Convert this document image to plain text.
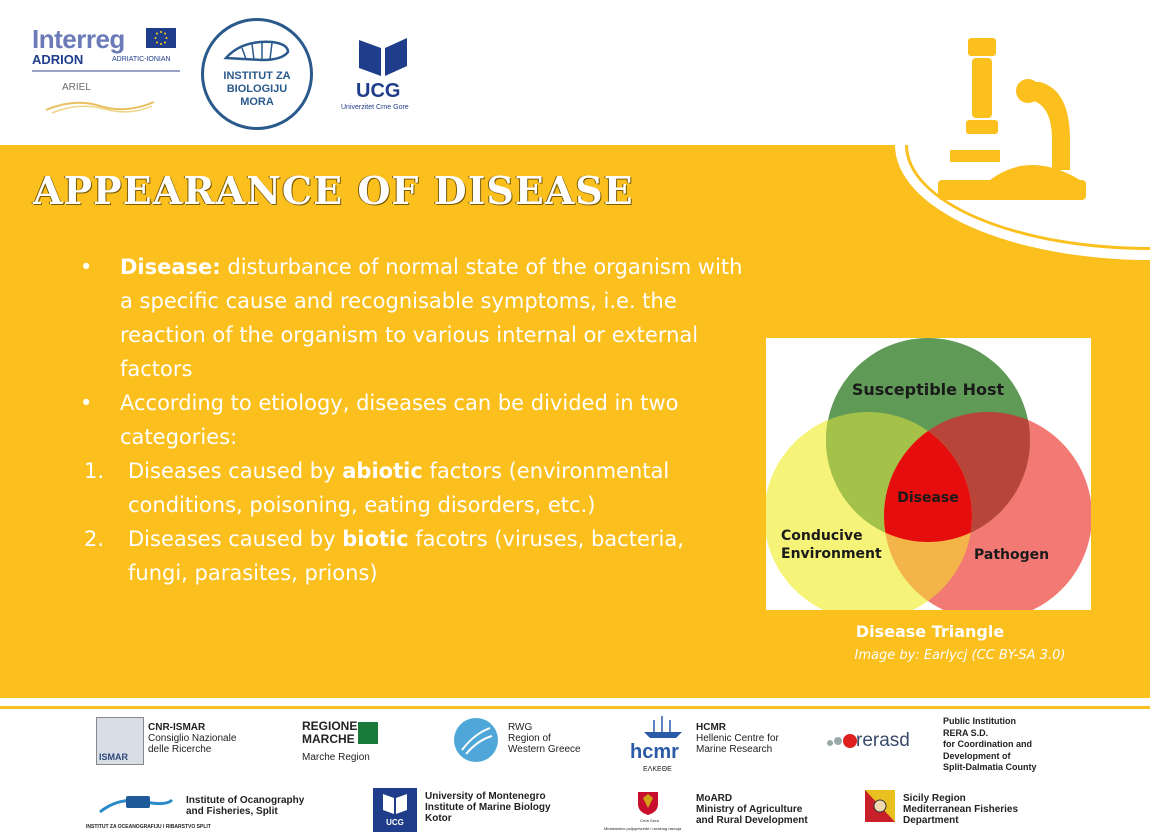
Interreg
ADRION	ADRIATIC-IONIAN
ARIEL
INSTITUT ZA
BIOLOGIJU
MORA	UCG
Univerzitet Crne Gore
APPEARANCE OF DISEASE
•	Disease: disturbance of normal state of the organism with a specific cause and recognisable symptoms, i.e. the reaction of the organism to various internal or external factors
•	According to etiology, diseases can be divided in two categories:
1.	Diseases caused by abiotic factors (environmental conditions, poisoning, eating disorders, etc.)
2.	Diseases caused by biotic facotrs (viruses, bacteria, fungi, parasites, prions)
Susceptible Host
Disease
Conducive
Environment	Pathogen
Disease Triangle
Image by: Earlycj (CC BY-SA 3.0)
ISMAR
CNR-ISMAR
Consiglio Nazionale
delle Ricerche
REGIONE
MARCHE
Marche Region
RWG
Region of
Western Greece hcmr
ΕΛΚΕΘΕ
HCMR
Hellenic Centre for
Marine Research	rerasd
Public Institution
RERA S.D.
for Coordination and
Development of
Split-Dalmatia County
INSTITUT ZA OCEANOGRAFIJU I RIBARSTVO SPLIT
Institute of Ocanography
and Fisheries, Split
UCG
University of Montenegro
Institute of Marine Biology
Kotor	Crna Gora
Ministarstvo poljoprivrede i ruralnog razvoja
MoARD
Ministry of Agriculture
and Rural Development
Sicily Region
Mediterranean Fisheries
Department
